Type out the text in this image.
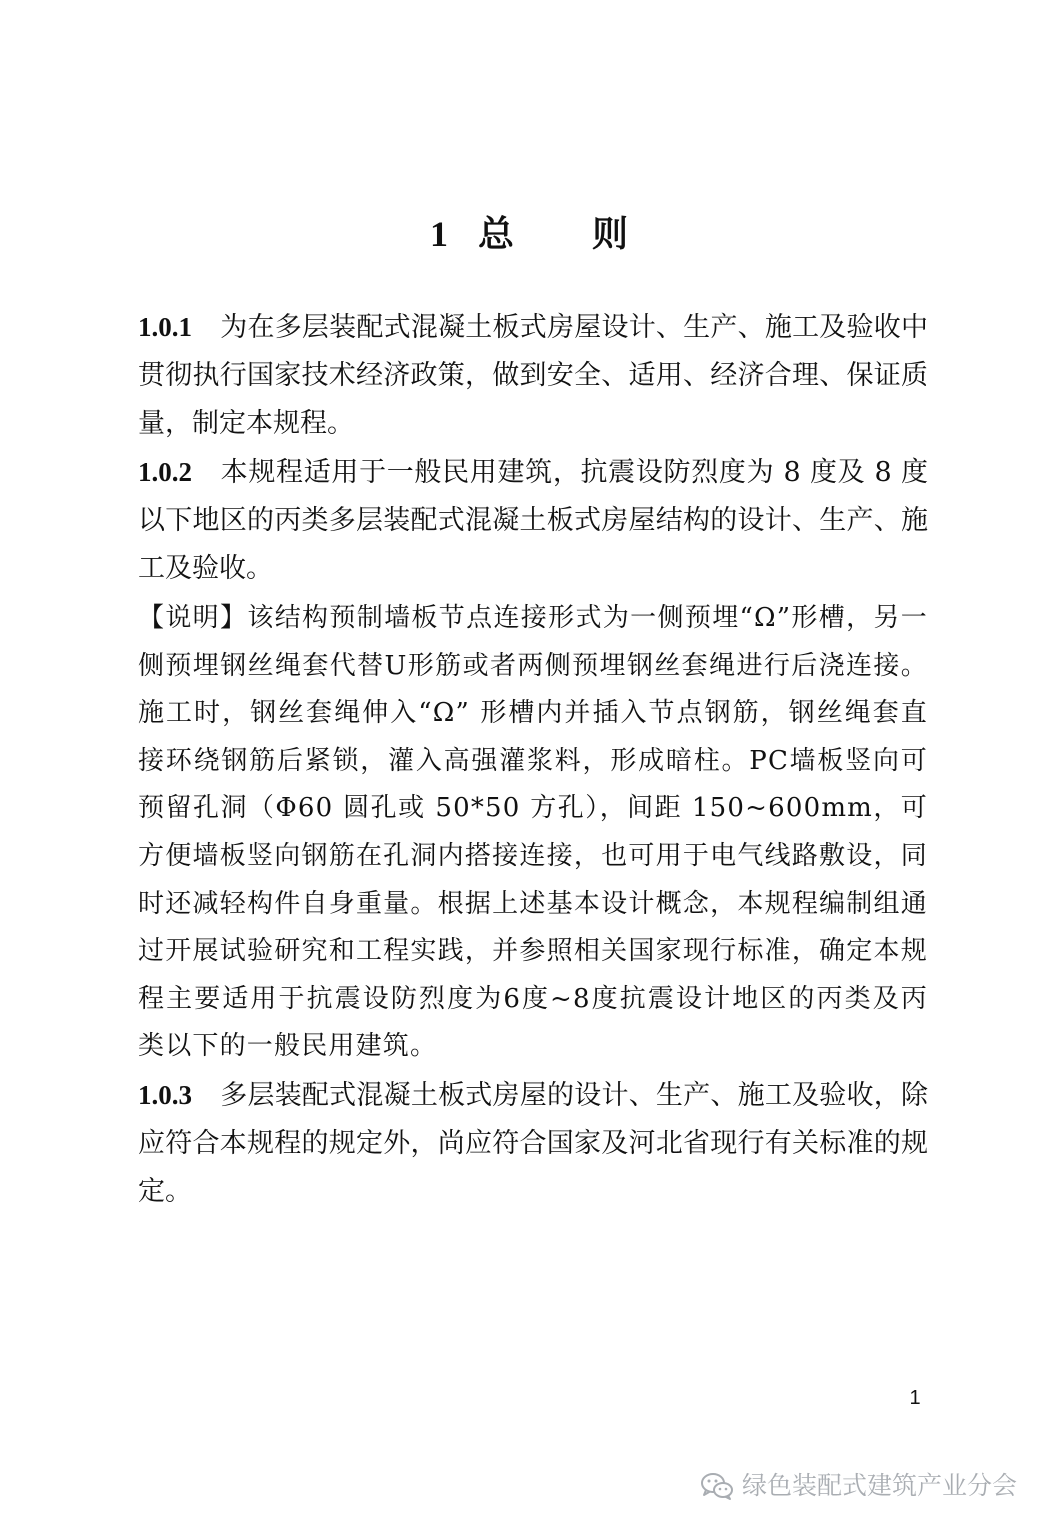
1 总 则

1.0.1 为在多层装配式混凝土板式房屋设计、生产、施工及验收中贯彻执行国家技术经济政策，做到安全、适用、经济合理、保证质量，制定本规程。

1.0.2 本规程适用于一般民用建筑，抗震设防烈度为 8 度及 8 度以下地区的丙类多层装配式混凝土板式房屋结构的设计、生产、施工及验收。

【说明】该结构预制墙板节点连接形式为一侧预埋“Ω”形槽，另一侧预埋钢丝绳套代替U形筋或者两侧预埋钢丝套绳进行后浇连接。施工时，钢丝套绳伸入“Ω” 形槽内并插入节点钢筋，钢丝绳套直接环绕钢筋后紧锁，灌入高强灌浆料，形成暗柱。PC墙板竖向可预留孔洞（Φ60 圆孔或 50*50 方孔），间距 150~600mm，可方便墙板竖向钢筋在孔洞内搭接连接，也可用于电气线路敷设，同时还减轻构件自身重量。根据上述基本设计概念，本规程编制组通过开展试验研究和工程实践，并参照相关国家现行标准，确定本规程主要适用于抗震设防烈度为6度~8度抗震设计地区的丙类及丙类以下的一般民用建筑。

1.0.3 多层装配式混凝土板式房屋的设计、生产、施工及验收，除应符合本规程的规定外，尚应符合国家及河北省现行有关标准的规定。

1
绿色装配式建筑产业分会
